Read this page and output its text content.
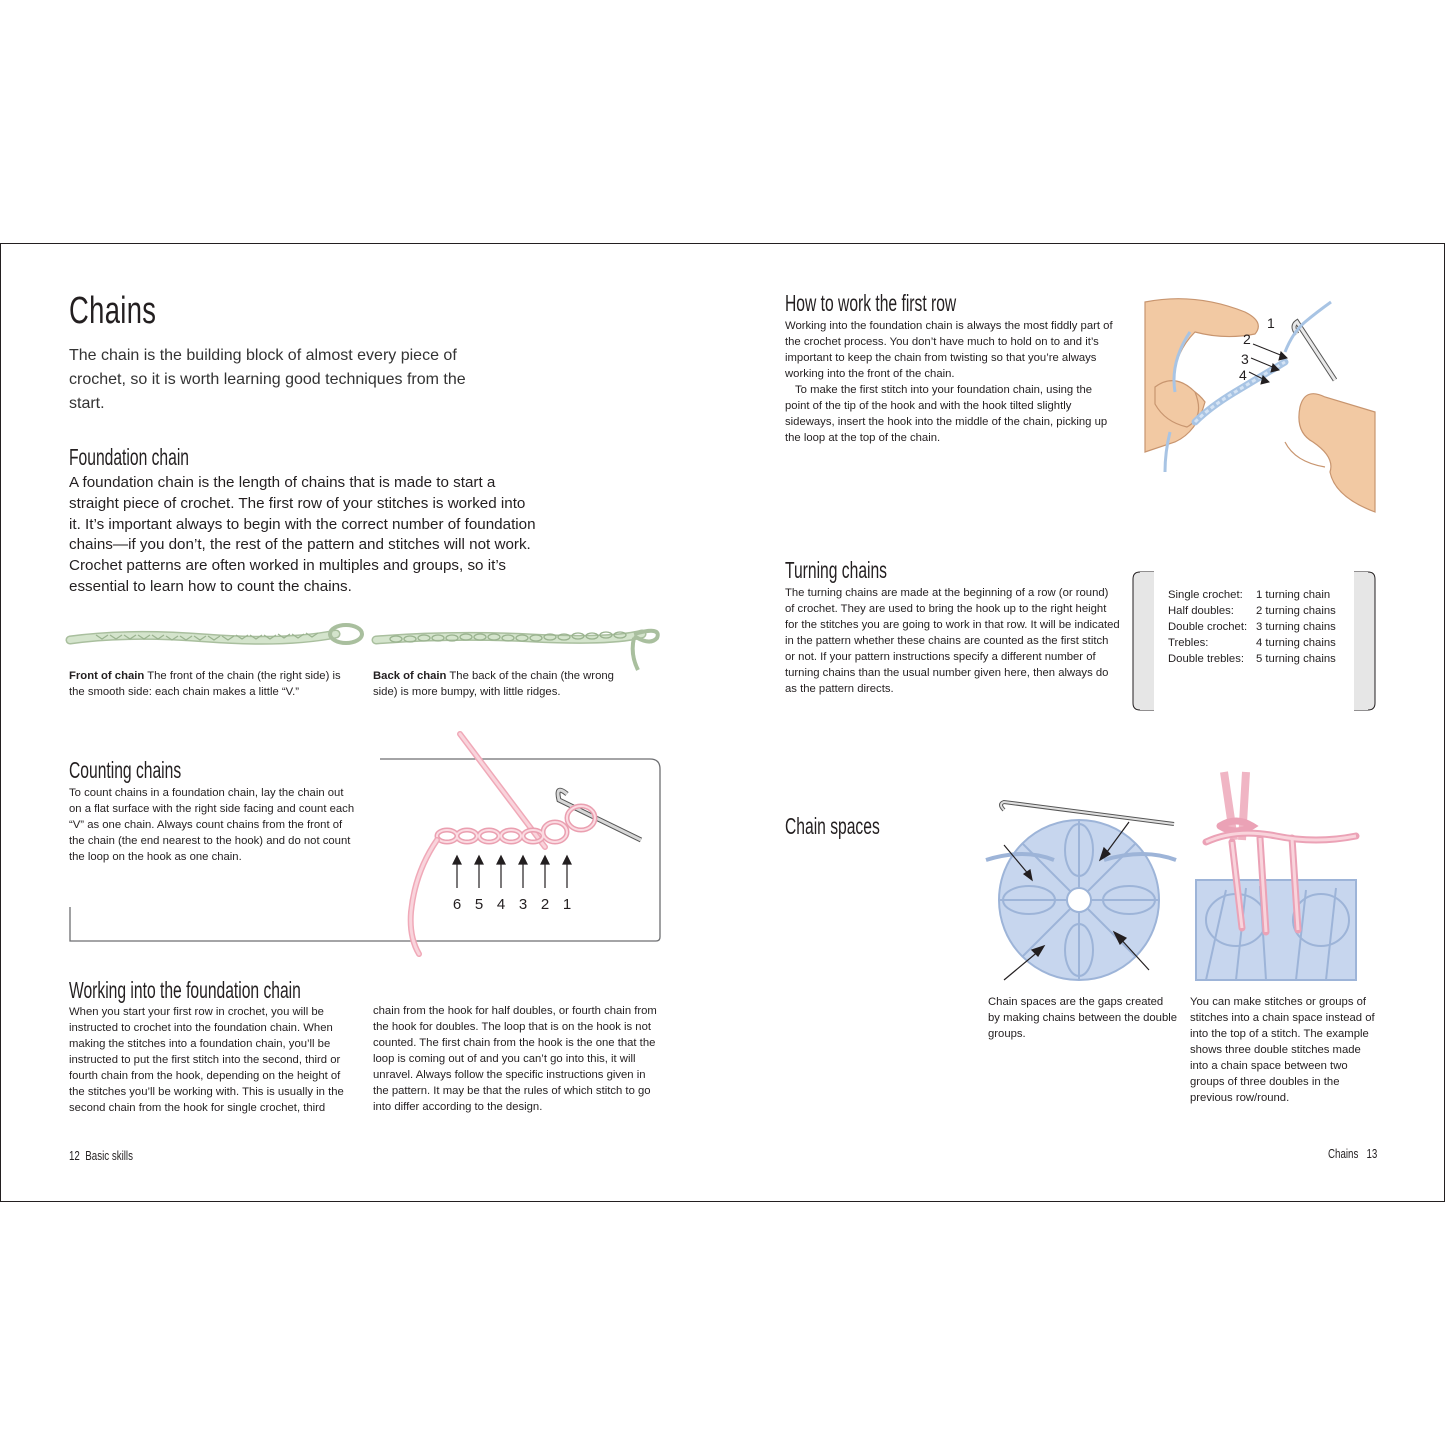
Chains
The chain is the building block of almost every piece of crochet, so it is worth learning good techniques from the start.
Foundation chain
A foundation chain is the length of chains that is made to start a straight piece of crochet. The first row of your stitches is worked into it. It’s important always to begin with the correct number of foundation chains—if you don’t, the rest of the pattern and stitches will not work. Crochet patterns are often worked in multiples and groups, so it’s essential to learn how to count the chains.
Front of chain The front of the chain (the right side) is the smooth side: each chain makes a little “V.”
Back of chain The back of the chain (the wrong side) is more bumpy, with little ridges.
Counting chains
To count chains in a foundation chain, lay the chain out on a flat surface with the right side facing and count each “V” as one chain. Always count chains from the front of the chain (the end nearest to the hook) and do not count the loop on the hook as one chain.
6 5 4 3 2 1
Working into the foundation chain
When you start your first row in crochet, you will be instructed to crochet into the foundation chain. When making the stitches into a foundation chain, you’ll be instructed to put the first stitch into the second, third or fourth chain from the hook, depending on the height of the stitches you’ll be working with. This is usually in the second chain from the hook for single crochet, third
chain from the hook for half doubles, or fourth chain from the hook for doubles. The loop that is on the hook is not counted. The first chain from the hook is the one that the loop is coming out of and you can’t go into this, it will unravel. Always follow the specific instructions given in the pattern. It may be that the rules of which stitch to go into differ according to the design.
12 Basic skills
How to work the first row
Working into the foundation chain is always the most fiddly part of the crochet process. You don’t have much to hold on to and it’s important to keep the chain from twisting so that you’re always working into the front of the chain.
To make the first stitch into your foundation chain, using the point of the tip of the hook and with the hook tilted slightly sideways, insert the hook into the middle of the chain, picking up the loop at the top of the chain.
1
2
3
4
Turning chains
The turning chains are made at the beginning of a row (or round) of crochet. They are used to bring the hook up to the right height for the stitches you are going to work in that row. It will be indicated in the pattern whether these chains are counted as the first stitch or not. If your pattern instructions specify a different number of turning chains than the usual number given here, then always do as the pattern directs.
Single crochet:	1 turning chain
Half doubles:	2 turning chains
Double crochet: 3 turning chains
Trebles:	4 turning chains
Double trebles:	5 turning chains
Chain spaces
Chain spaces are the gaps created by making chains between the double groups.
You can make stitches or groups of stitches into a chain space instead of into the top of a stitch. The example shows three double stitches made into a chain space between two groups of three doubles in the previous row/round.
Chains 13
